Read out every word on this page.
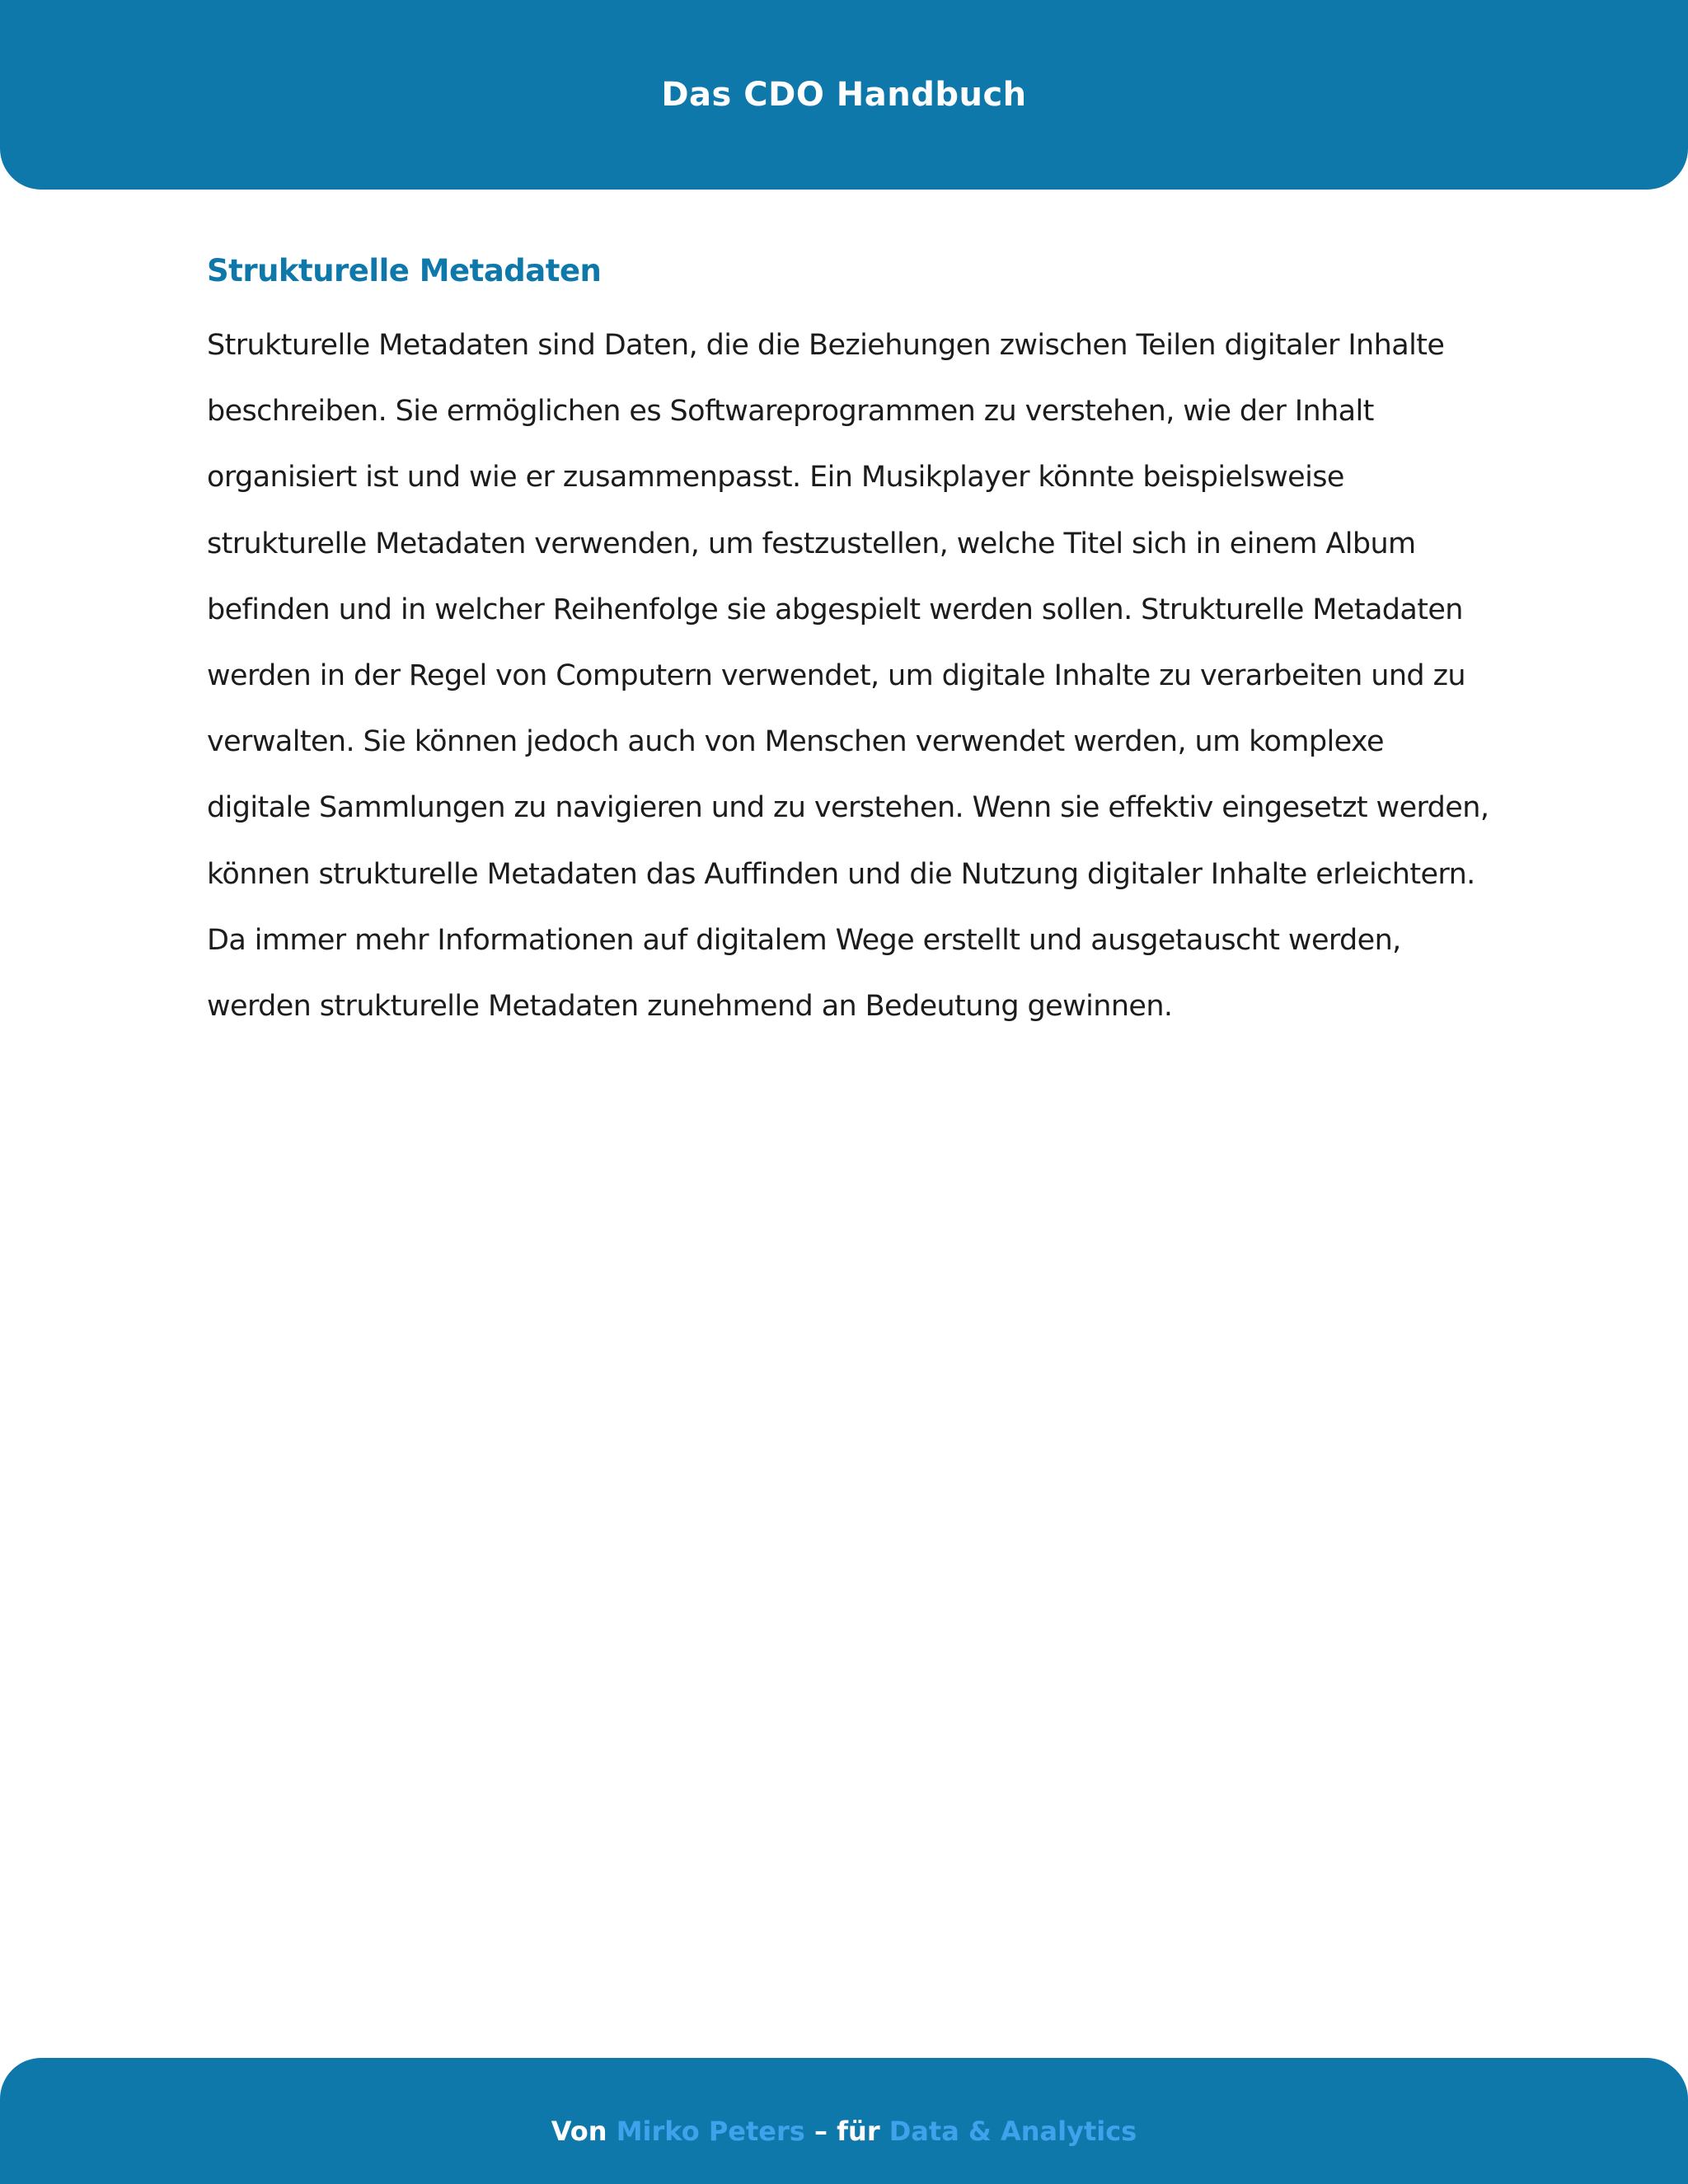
Das CDO Handbuch
Strukturelle Metadaten

Strukturelle Metadaten sind Daten, die die Beziehungen zwischen Teilen digitaler Inhalte beschreiben. Sie ermöglichen es Softwareprogrammen zu verstehen, wie der Inhalt organisiert ist und wie er zusammenpasst. Ein Musikplayer könnte beispielsweise strukturelle Metadaten verwenden, um festzustellen, welche Titel sich in einem Album befinden und in welcher Reihenfolge sie abgespielt werden sollen. Strukturelle Metadaten werden in der Regel von Computern verwendet, um digitale Inhalte zu verarbeiten und zu verwalten. Sie können jedoch auch von Menschen verwendet werden, um komplexe digitale Sammlungen zu navigieren und zu verstehen. Wenn sie effektiv eingesetzt werden, können strukturelle Metadaten das Auffinden und die Nutzung digitaler Inhalte erleichtern. Da immer mehr Informationen auf digitalem Wege erstellt und ausgetauscht werden, werden strukturelle Metadaten zunehmend an Bedeutung gewinnen.

Von Mirko Peters – für Data & Analytics
